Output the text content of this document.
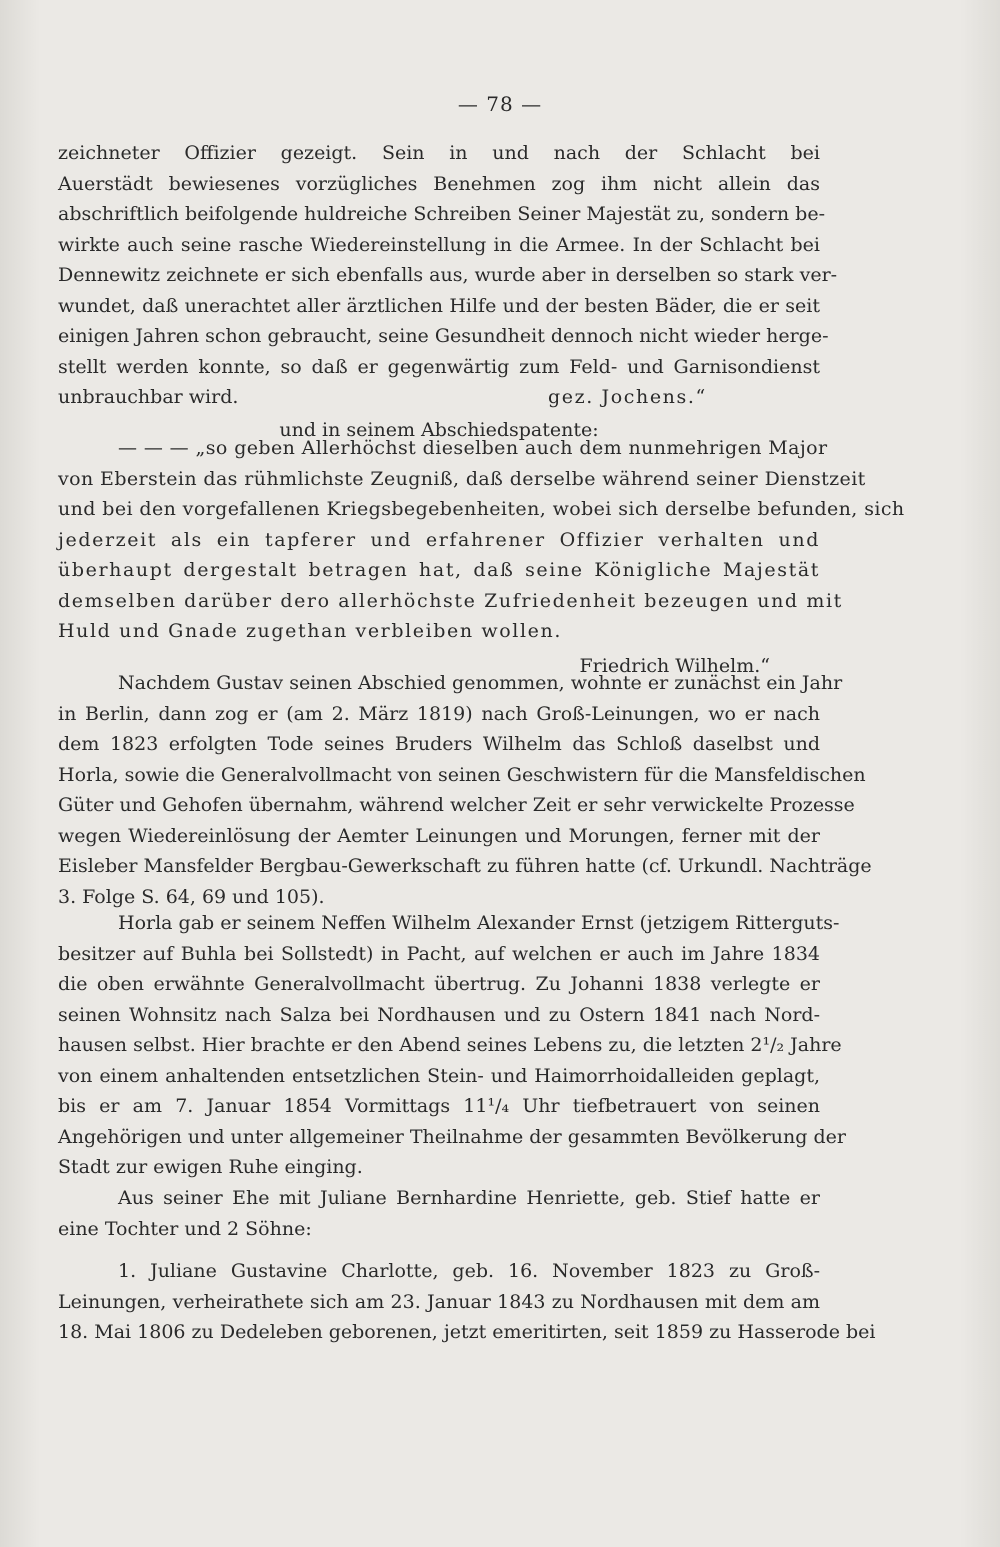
— 78 —
zeichneter Offizier gezeigt. Sein in und nach der Schlacht bei
Auerstädt bewiesenes vorzügliches Benehmen zog ihm nicht allein das
abschriftlich beifolgende huldreiche Schreiben Seiner Majestät zu, sondern be-
wirkte auch seine rasche Wiedereinstellung in die Armee. In der Schlacht bei
Dennewitz zeichnete er sich ebenfalls aus, wurde aber in derselben so stark ver-
wundet, daß unerachtet aller ärztlichen Hilfe und der besten Bäder, die er seit
einigen Jahren schon gebraucht, seine Gesundheit dennoch nicht wieder herge-
stellt werden konnte, so daß er gegenwärtig zum Feld- und Garnisondienst
unbrauchbar wird.	gez. Jochens.“
und in seinem Abschiedspatente:
— — — „so geben Allerhöchst dieselben auch dem nunmehrigen Major
von Eberstein das rühmlichste Zeugniß, daß derselbe während seiner Dienstzeit
und bei den vorgefallenen Kriegsbegebenheiten, wobei sich derselbe befunden, sich
jederzeit als ein tapferer und erfahrener Offizier verhalten und
überhaupt dergestalt betragen hat, daß seine Königliche Majestät
demselben darüber dero allerhöchste Zufriedenheit bezeugen und mit
Huld und Gnade zugethan verbleiben wollen.
Friedrich Wilhelm.“
Nachdem Gustav seinen Abschied genommen, wohnte er zunächst ein Jahr
in Berlin, dann zog er (am 2. März 1819) nach Groß-Leinungen, wo er nach
dem 1823 erfolgten Tode seines Bruders Wilhelm das Schloß daselbst und
Horla, sowie die Generalvollmacht von seinen Geschwistern für die Mansfeldischen
Güter und Gehofen übernahm, während welcher Zeit er sehr verwickelte Prozesse
wegen Wiedereinlösung der Aemter Leinungen und Morungen, ferner mit der
Eisleber Mansfelder Bergbau-Gewerkschaft zu führen hatte (cf. Urkundl. Nachträge
3. Folge S. 64, 69 und 105).
Horla gab er seinem Neffen Wilhelm Alexander Ernst (jetzigem Ritterguts-
besitzer auf Buhla bei Sollstedt) in Pacht, auf welchen er auch im Jahre 1834
die oben erwähnte Generalvollmacht übertrug. Zu Johanni 1838 verlegte er
seinen Wohnsitz nach Salza bei Nordhausen und zu Ostern 1841 nach Nord-
hausen selbst. Hier brachte er den Abend seines Lebens zu, die letzten 2¹/₂ Jahre
von einem anhaltenden entsetzlichen Stein- und Haimorrhoidalleiden geplagt,
bis er am 7. Januar 1854 Vormittags 11¹/₄ Uhr tiefbetrauert von seinen
Angehörigen und unter allgemeiner Theilnahme der gesammten Bevölkerung der
Stadt zur ewigen Ruhe einging.
Aus seiner Ehe mit Juliane Bernhardine Henriette, geb. Stief hatte er
eine Tochter und 2 Söhne:
1. Juliane Gustavine Charlotte, geb. 16. November 1823 zu Groß-
Leinungen, verheirathete sich am 23. Januar 1843 zu Nordhausen mit dem am
18. Mai 1806 zu Dedeleben geborenen, jetzt emeritirten, seit 1859 zu Hasserode bei
